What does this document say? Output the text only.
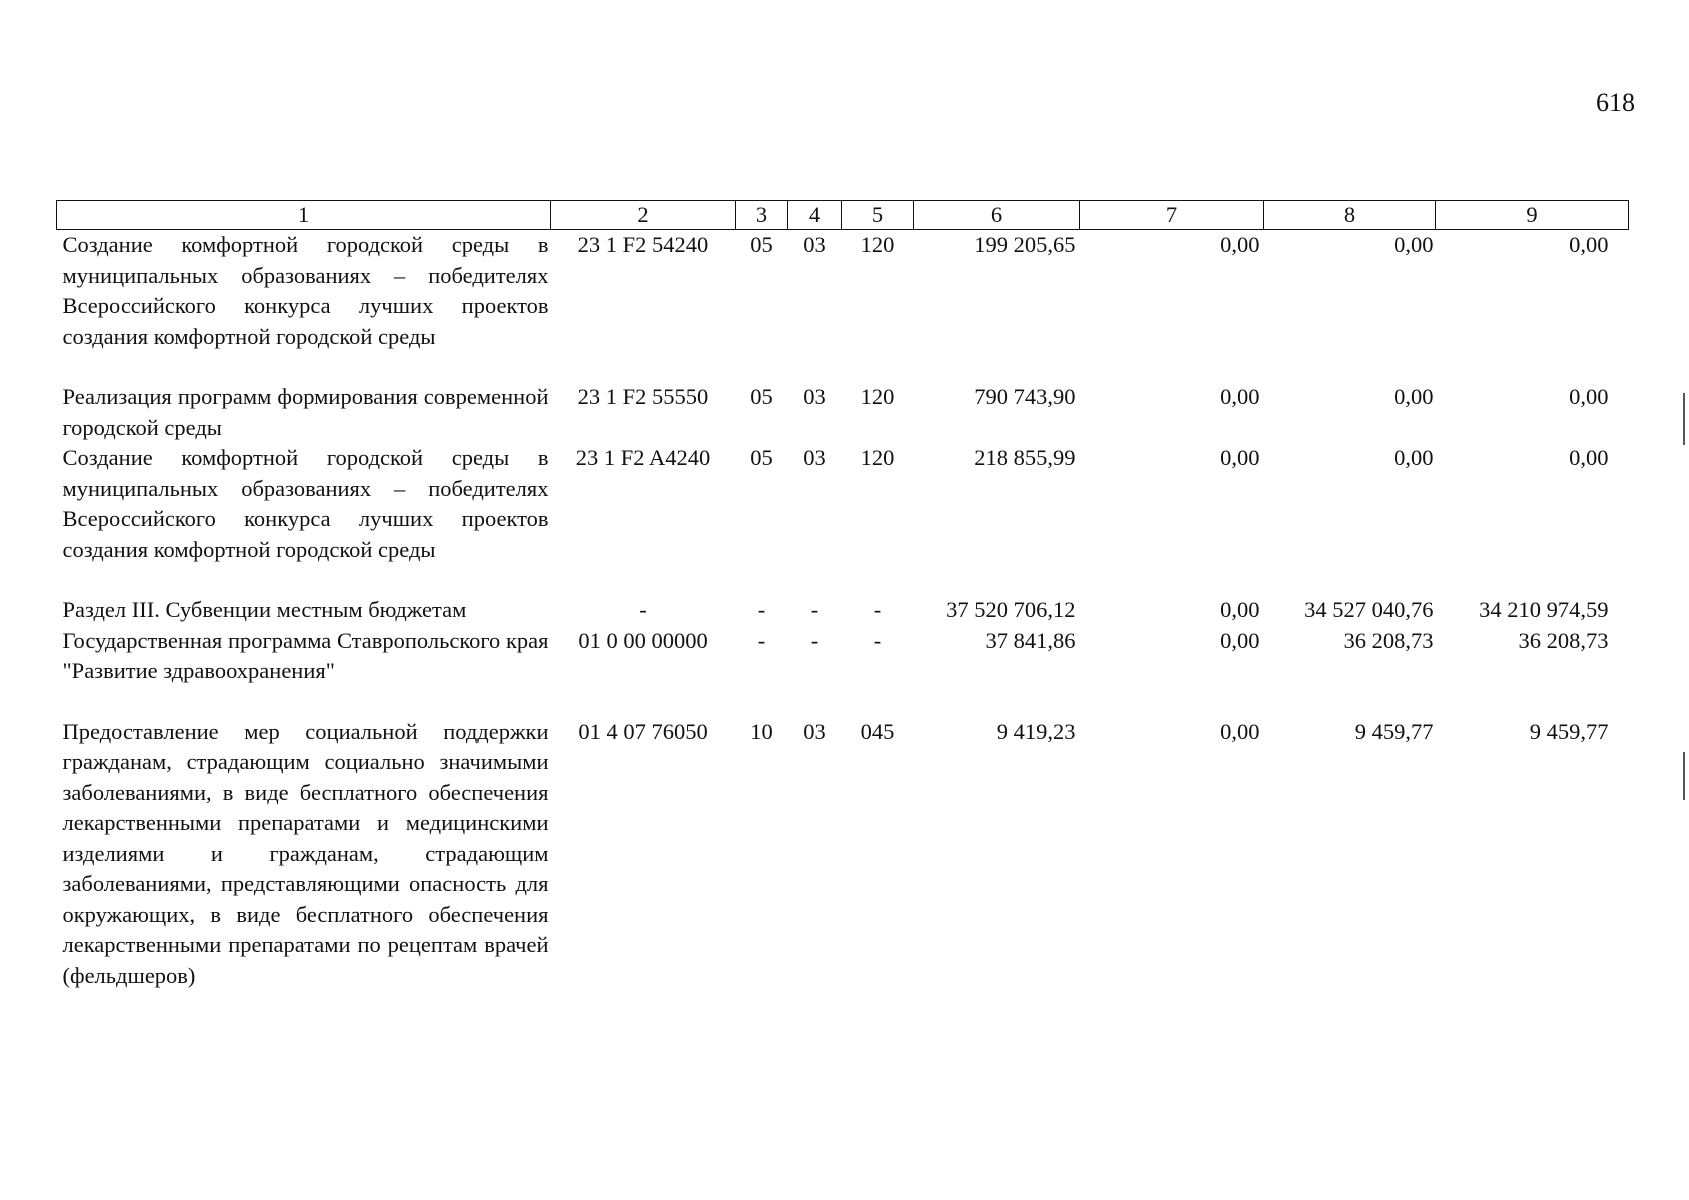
618
1	2	3	4	5	6	7	8	9
Создание комфортной городской среды в муниципальных образованиях – победителях Всероссийского конкурса лучших проектов создания комфортной городской среды	23 1 F2 54240	05	03	120	199 205,65	0,00	0,00	0,00
Реализация программ формирования современной городской среды	23 1 F2 55550	05	03	120	790 743,90	0,00	0,00	0,00
Создание комфортной городской среды в муниципальных образованиях – победителях Всероссийского конкурса лучших проектов создания комфортной городской среды	23 1 F2 A4240	05	03	120	218 855,99	0,00	0,00	0,00
Раздел III. Субвенции местным бюджетам	-	-	-	-	37 520 706,12	0,00	34 527 040,76	34 210 974,59
Государственная программа Ставропольского края "Развитие здравоохранения"	01 0 00 00000	-	-	-	37 841,86	0,00	36 208,73	36 208,73
Предоставление мер социальной поддержки гражданам, страдающим социально значимыми заболеваниями, в виде бесплатного обеспечения лекарственными препаратами и медицинскими изделиями и гражданам, страдающим заболеваниями, представляющими опасность для окружающих, в виде бесплатного обеспечения лекарственными препаратами по рецептам врачей (фельдшеров)	01 4 07 76050	10	03	045	9 419,23	0,00	9 459,77	9 459,77
